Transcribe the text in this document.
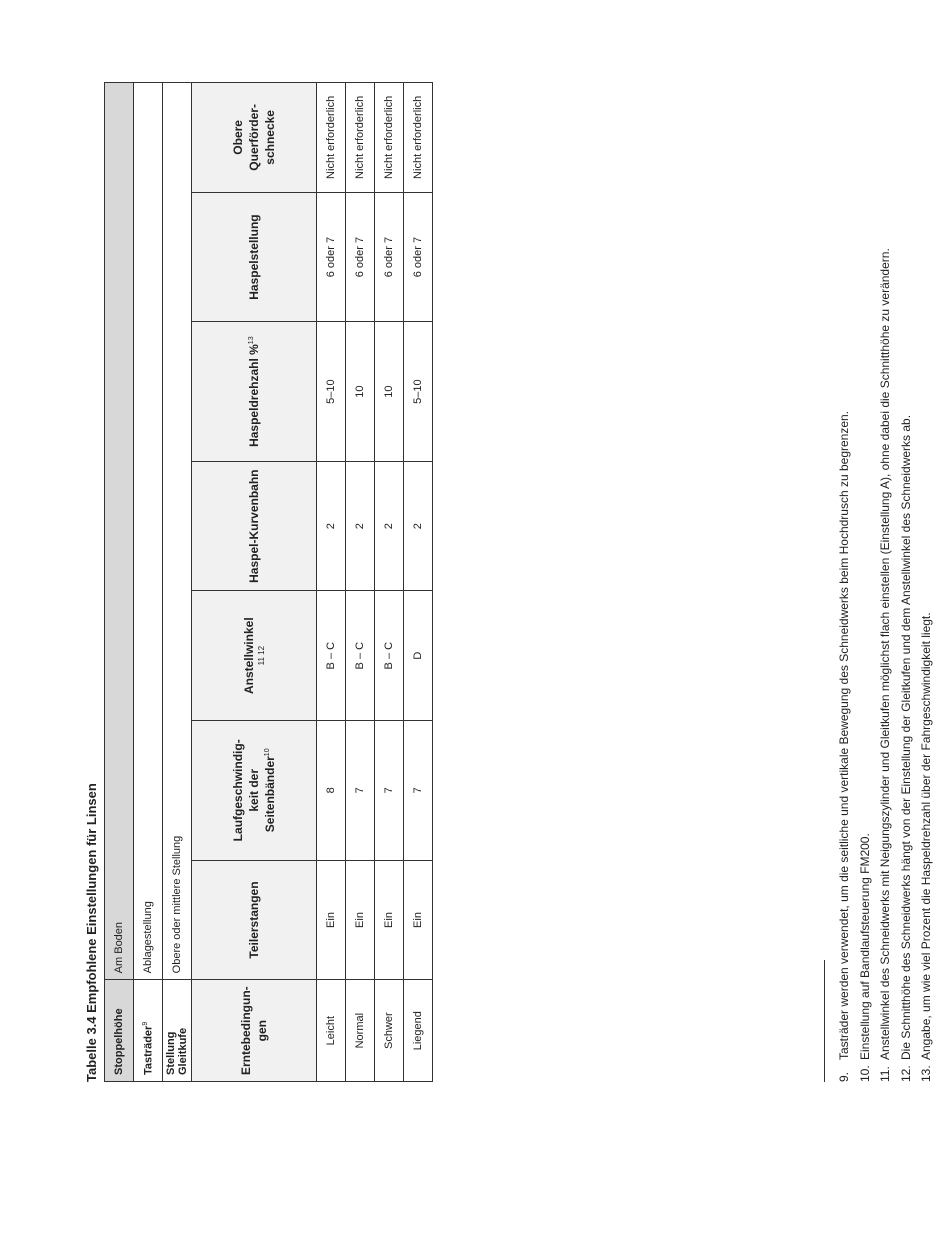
Tabelle 3.4 Empfohlene Einstellungen für Linsen Stoppelhöhe	Am Boden						
Tasträder$^9$	Ablagestellung						
Stellung Gleitkufe	Obere oder mittlere Stellung						
Erntebedingun-gen	Teilerstangen	Laufgeschwindig- keit der Seitenbänder$^{10}$	Anstellwinkel 11 12	Haspel-Kurvenbahn	Haspeldrehzahl %$^{13}$	Haspelstellung	Obere Querförder-schnecke
Leicht	Ein	8	B – C	2	5–10	6 oder 7	Nicht erforderlich
Normal	Ein	7	B – C	2	10	6 oder 7	Nicht erforderlich
Schwer	Ein	7	B – C	2	10	6 oder 7	Nicht erforderlich
Liegend	Ein	7	D	2	5–10	6 oder 7	Nicht erforderlich
9.Tasträder werden verwendet, um die seitliche und vertikale Bewegung des Schneidwerks beim Hochdrusch zu begrenzen.
10.Einstellung auf Bandlaufsteuerung FM200.
11.Anstellwinkel des Schneidwerks mit Neigungszylinder und Gleitkufen möglichst flach einstellen (Einstellung A), ohne dabei die Schnitthöhe zu verändern.
12.Die Schnitthöhe des Schneidwerks hängt von der Einstellung der Gleitkufen und dem Anstellwinkel des Schneidwerks ab.
13.Angabe, um wie viel Prozent die Haspeldrehzahl über der Fahrgeschwindigkeit liegt.
